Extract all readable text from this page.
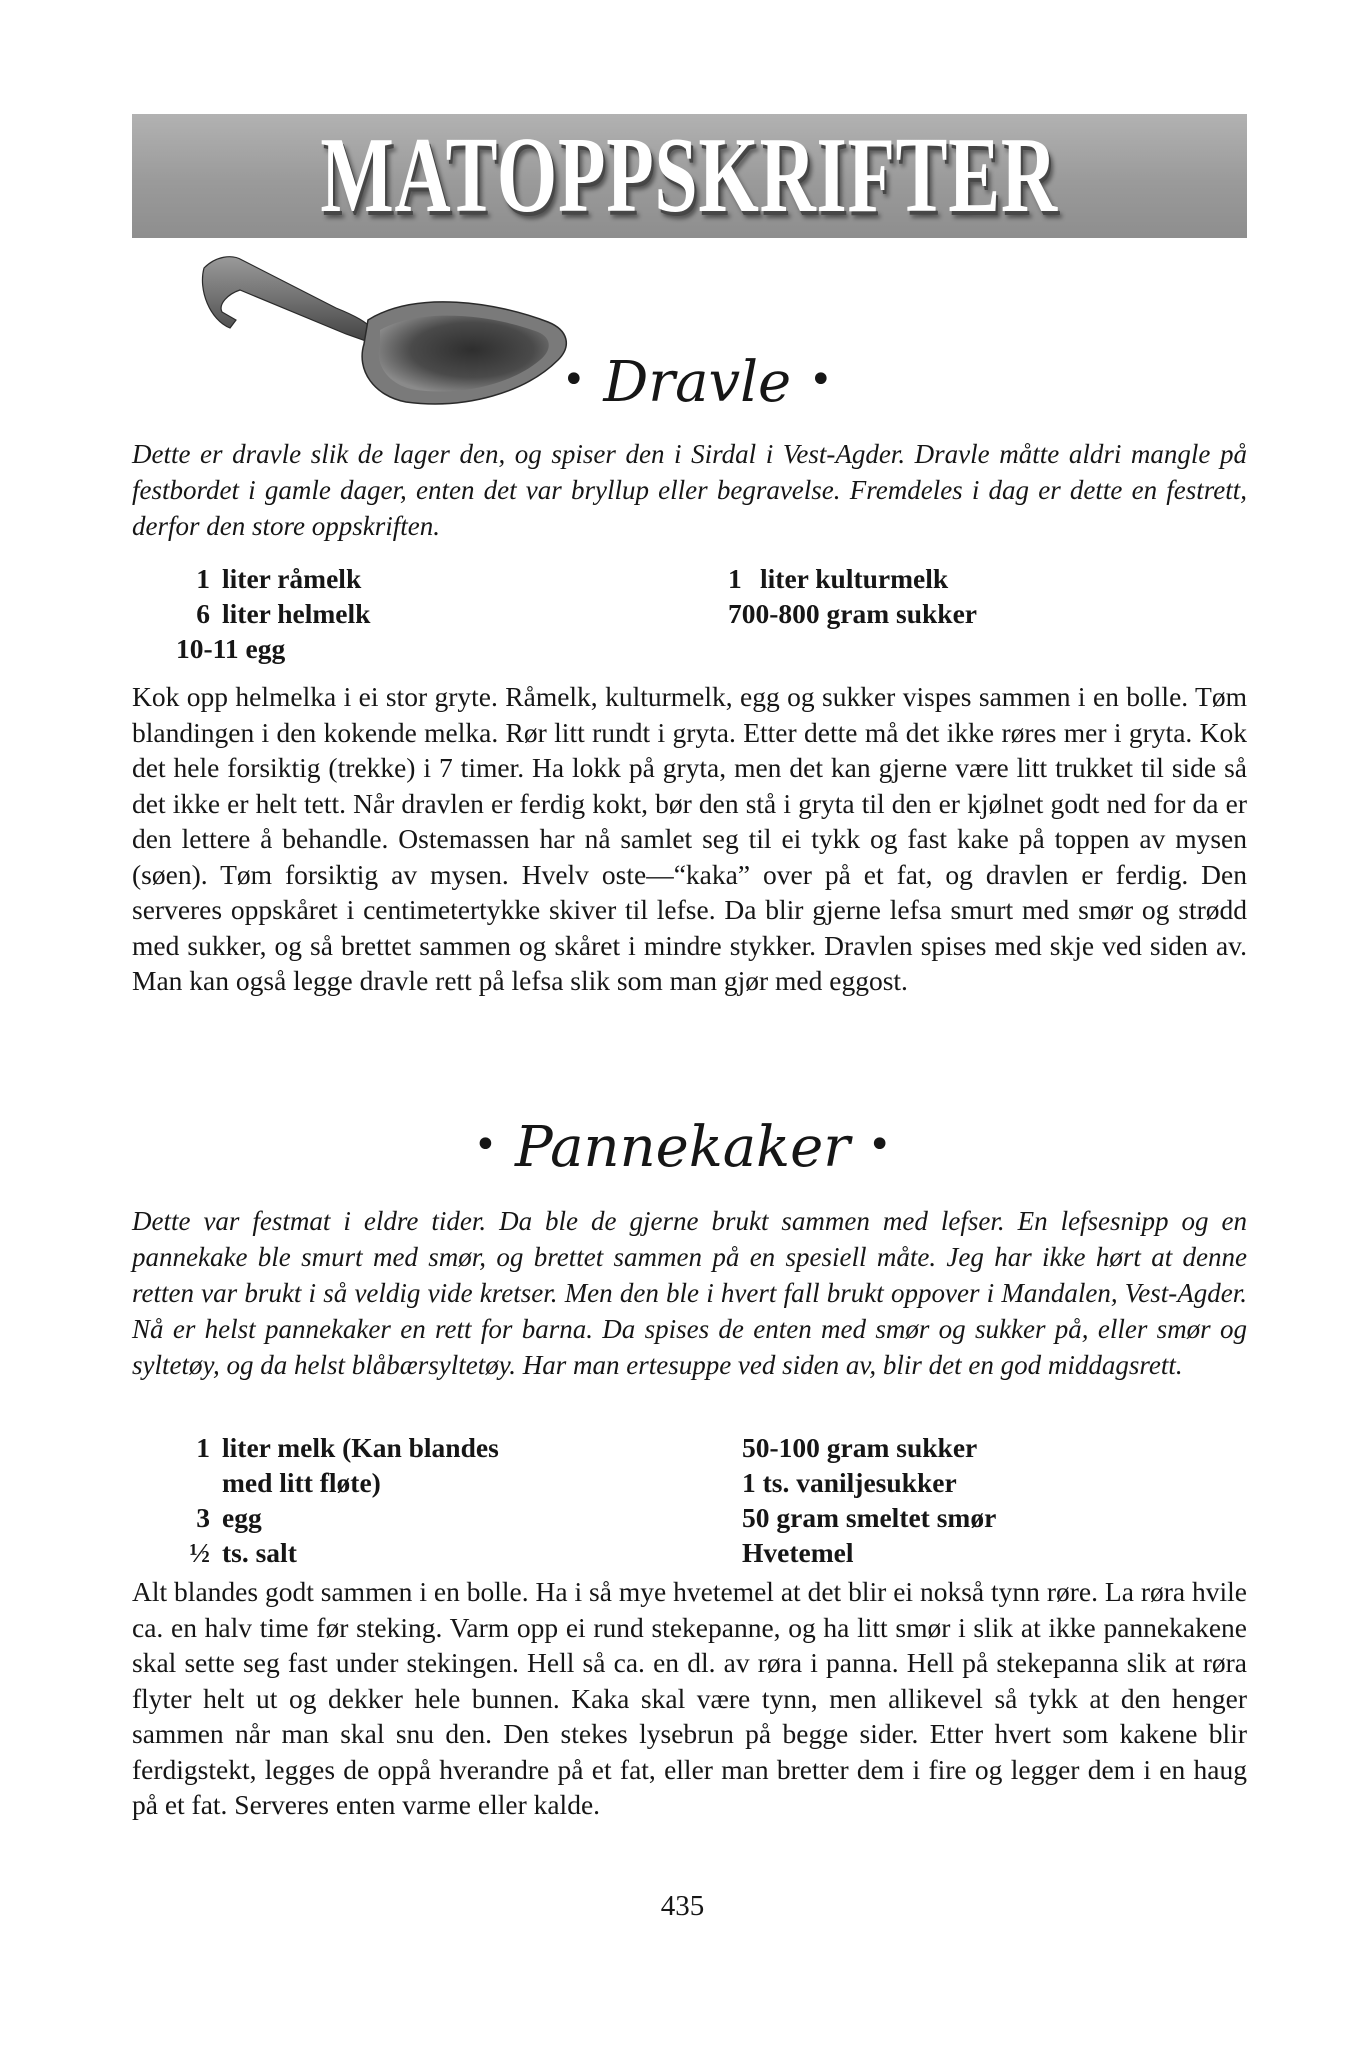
MATOPPSKRIFTER
• Dravle •

Dette er dravle slik de lager den, og spiser den i Sirdal i Vest-Agder. Dravle måtte aldri mangle på festbordet i gamle dager, enten det var bryllup eller begravelse. Fremdeles i dag er dette en festrett, derfor den store oppskriften.

1 liter råmelk
6 liter helmelk
10-11 egg
1 liter kulturmelk
700-800 gram sukker

Kok opp helmelka i ei stor gryte. Råmelk, kulturmelk, egg og sukker vispes sammen i en bolle. Tøm blandingen i den kokende melka. Rør litt rundt i gryta. Etter dette må det ikke røres mer i gryta. Kok det hele forsiktig (trekke) i 7 timer. Ha lokk på gryta, men det kan gjerne være litt trukket til side så det ikke er helt tett. Når dravlen er ferdig kokt, bør den stå i gryta til den er kjølnet godt ned for da er den lettere å behandle. Ostemassen har nå samlet seg til ei tykk og fast kake på toppen av mysen (søen). Tøm forsiktig av mysen. Hvelv oste—“kaka” over på et fat, og dravlen er ferdig. Den serveres oppskåret i centimetertykke skiver til lefse. Da blir gjerne lefsa smurt med smør og strødd med sukker, og så brettet sammen og skåret i mindre stykker. Dravlen spises med skje ved siden av. Man kan også legge dravle rett på lefsa slik som man gjør med eggost.

• Pannekaker •

Dette var festmat i eldre tider. Da ble de gjerne brukt sammen med lefser. En lefsesnipp og en pannekake ble smurt med smør, og brettet sammen på en spesiell måte. Jeg har ikke hørt at denne retten var brukt i så veldig vide kretser. Men den ble i hvert fall brukt oppover i Mandalen, Vest-Agder. Nå er helst pannekaker en rett for barna. Da spises de enten med smør og sukker på, eller smør og syltetøy, og da helst blåbærsyltetøy. Har man ertesuppe ved siden av, blir det en god middagsrett.

1 liter melk (Kan blandes
med litt fløte)
3 egg
½ ts. salt
50-100 gram sukker
1 ts. vaniljesukker
50 gram smeltet smør
Hvetemel

Alt blandes godt sammen i en bolle. Ha i så mye hvetemel at det blir ei nokså tynn røre. La røra hvile ca. en halv time før steking. Varm opp ei rund stekepanne, og ha litt smør i slik at ikke pannekakene skal sette seg fast under stekingen. Hell så ca. en dl. av røra i panna. Hell på stekepanna slik at røra flyter helt ut og dekker hele bunnen. Kaka skal være tynn, men allikevel så tykk at den henger sammen når man skal snu den. Den stekes lysebrun på begge sider. Etter hvert som kakene blir ferdigstekt, legges de oppå hverandre på et fat, eller man bretter dem i fire og legger dem i en haug på et fat. Serveres enten varme eller kalde.

435
